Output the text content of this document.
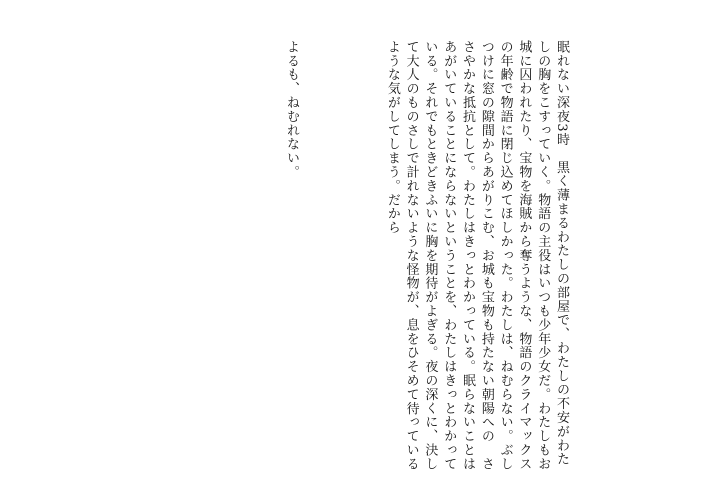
眠れない深夜3時　黒く薄まるわたしの部屋で、わたしの不安がわた
しの胸をこすっていく。物語の主役はいつも少年少女だ。わたしもお
城に囚われたり、宝物を海賊から奪うような、物語のクライマックス
の年齢で物語に閉じ込めてほしかった。わたしは、ねむらない。ぶし
つけに窓の隙間からあがりこむ、お城も宝物も持たない朝陽への　さ
さやかな抵抗として。わたしはきっとわかっている。眠らないことは
あがいていることにならないということを、わたしはきっとわかって
いる。それでもときどきふいに胸を期待がよぎる。夜の深くに、決し
て大人のものさしで計れないような怪物が、息をひそめて待っている
ような気がしてしまう。だから
よるも、ねむれない。
